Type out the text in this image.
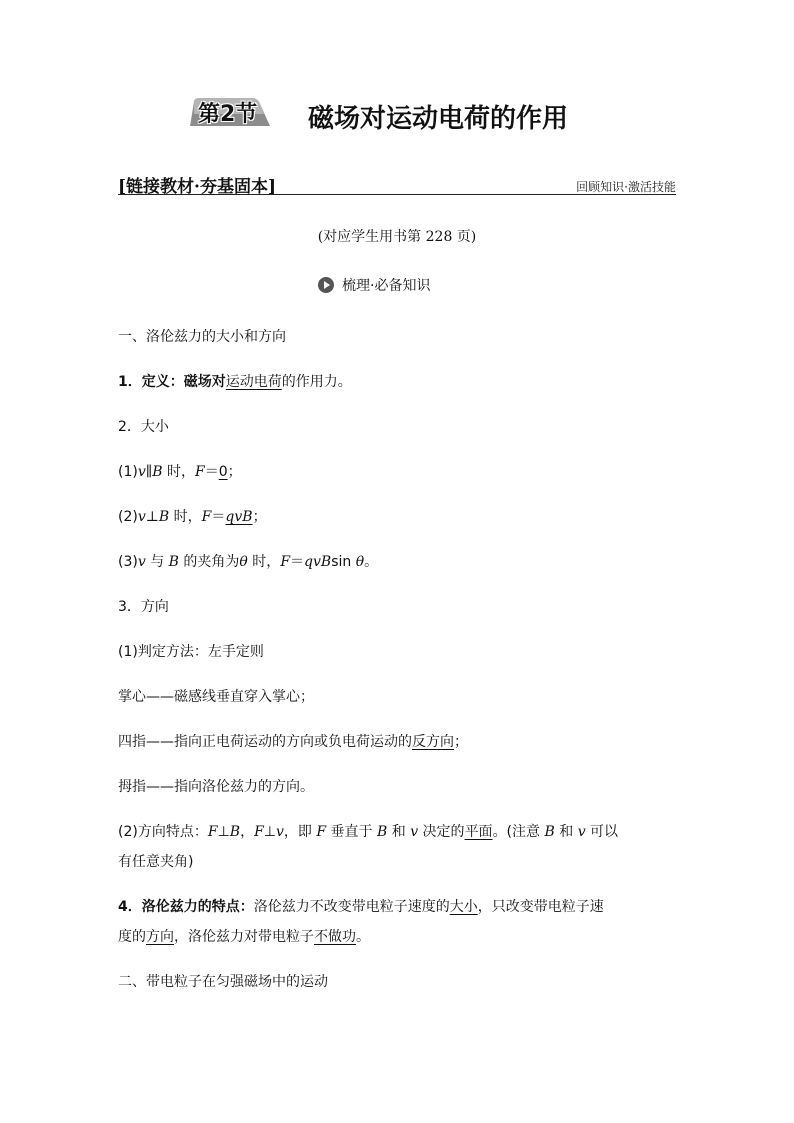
第2节 磁场对运动电荷的作用
[链接教材·夯基固本]	回顾知识·激活技能
(对应学生用书第 228 页)
梳理·必备知识
一、洛伦兹力的大小和方向
1．定义：磁场对运动电荷的作用力。
2．大小
(1)v∥B 时，F＝0；
(2)v⊥B 时，F＝qvB；
(3)v 与 B 的夹角为θ 时，F＝qvBsin θ。
3．方向
(1)判定方法：左手定则
掌心——磁感线垂直穿入掌心；
四指——指向正电荷运动的方向或负电荷运动的反方向；
拇指——指向洛伦兹力的方向。
(2)方向特点：F⊥B，F⊥v，即 F 垂直于 B 和 v 决定的平面。(注意 B 和 v 可以
有任意夹角)
4．洛伦兹力的特点：洛伦兹力不改变带电粒子速度的大小，只改变带电粒子速
度的方向，洛伦兹力对带电粒子不做功。
二、带电粒子在匀强磁场中的运动
